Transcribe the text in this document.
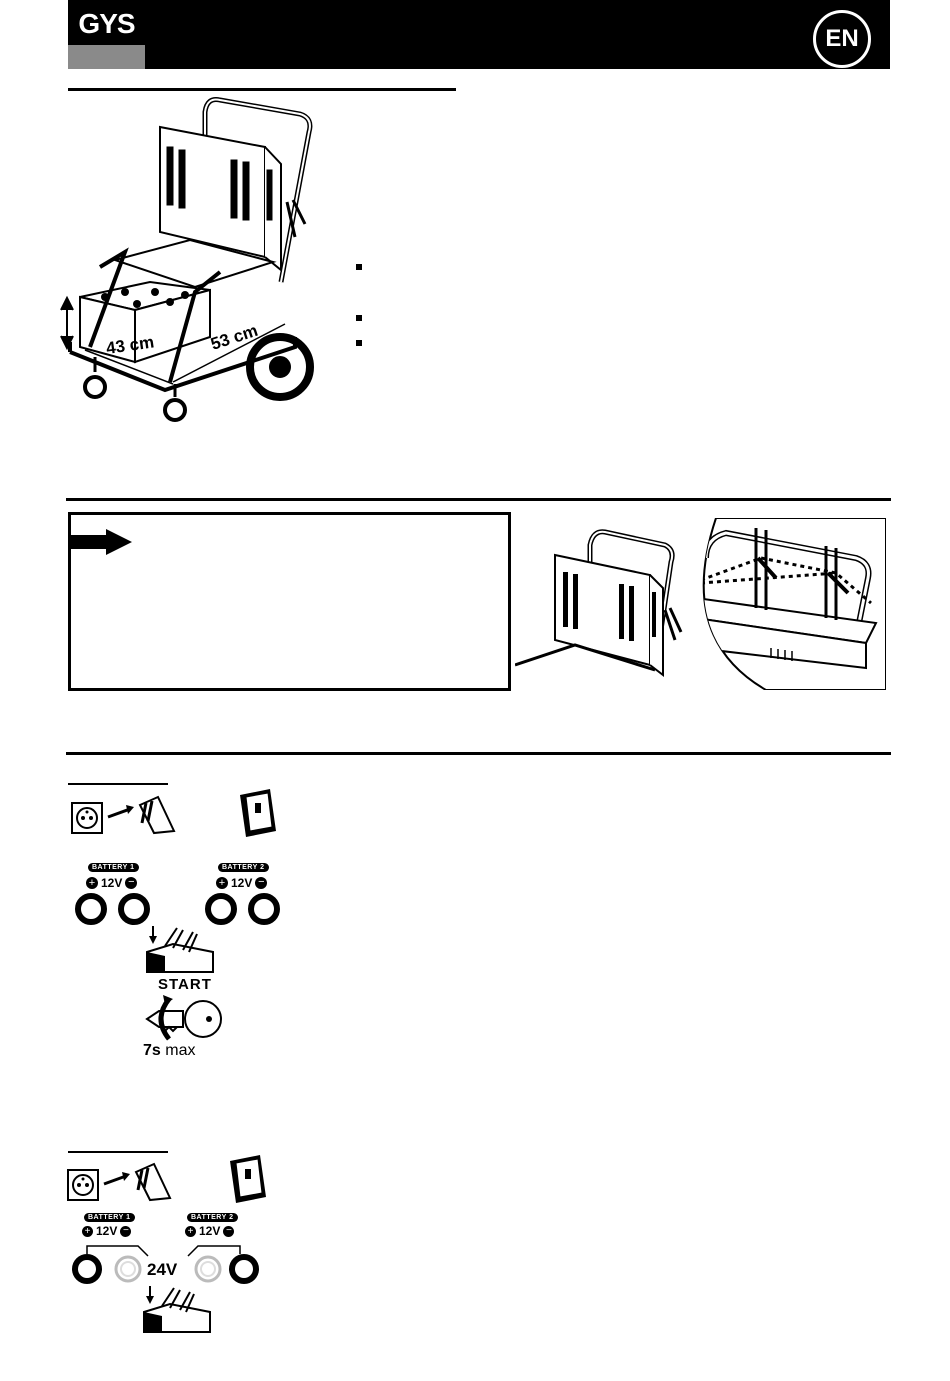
GYS	EN
43 cm	53 cm
BATTERY 1
+ 12V −
BATTERY 2
+ 12V −
START
7s max
BATTERY 1
+ 12V −
BATTERY 2
+ 12V −
24V
